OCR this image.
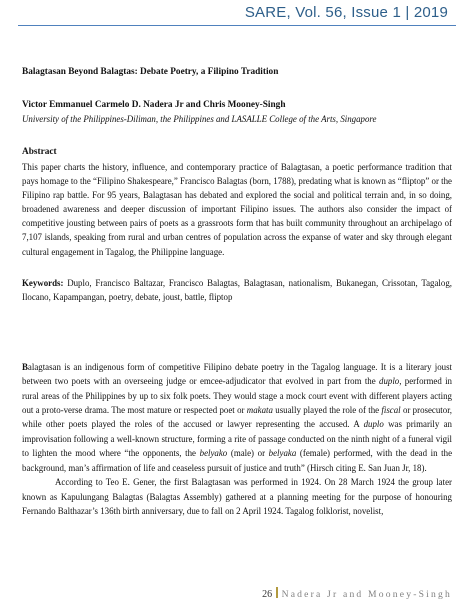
SARE, Vol. 56, Issue 1 | 2019

Balagtasan Beyond Balagtas: Debate Poetry, a Filipino Tradition

Victor Emmanuel Carmelo D. Nadera Jr and Chris Mooney-Singh

University of the Philippines-Diliman, the Philippines and LASALLE College of the Arts, Singapore

Abstract

This paper charts the history, influence, and contemporary practice of Balagtasan, a poetic performance tradition that pays homage to the “Filipino Shakespeare,” Francisco Balagtas (born, 1788), predating what is known as “fliptop” or the Filipino rap battle. For 95 years, Balagtasan has debated and explored the social and political terrain and, in so doing, broadened awareness and deeper discussion of important Filipino issues. The authors also consider the impact of competitive jousting between pairs of poets as a grassroots form that has built community throughout an archipelago of 7,107 islands, speaking from rural and urban centres of population across the expanse of water and sky through elegant cultural engagement in Tagalog, the Philippine language.

Keywords: Duplo, Francisco Baltazar, Francisco Balagtas, Balagtasan, nationalism, Bukanegan, Crissotan, Tagalog, Ilocano, Kapampangan, poetry, debate, joust, battle, fliptop

Balagtasan is an indigenous form of competitive Filipino debate poetry in the Tagalog language. It is a literary joust between two poets with an overseeing judge or emcee-adjudicator that evolved in part from the duplo, performed in rural areas of the Philippines by up to six folk poets. They would stage a mock court event with different players acting out a proto-verse drama. The most mature or respected poet or makata usually played the role of the fiscal or prosecutor, while other poets played the roles of the accused or lawyer representing the accused. A duplo was primarily an improvisation following a well-known structure, forming a rite of passage conducted on the ninth night of a funeral vigil to lighten the mood where “the opponents, the belyako (male) or belyaka (female) performed, with the dead in the background, man’s affirmation of life and ceaseless pursuit of justice and truth” (Hirsch citing E. San Juan Jr, 18).

According to Teo E. Gener, the first Balagtasan was performed in 1924. On 28 March 1924 the group later known as Kapulungang Balagtas (Balagtas Assembly) gathered at a planning meeting for the purpose of honouring Fernando Balthazar’s 136th birth anniversary, due to fall on 2 April 1924. Tagalog folklorist, novelist,

26 Nadera Jr and Mooney-Singh
